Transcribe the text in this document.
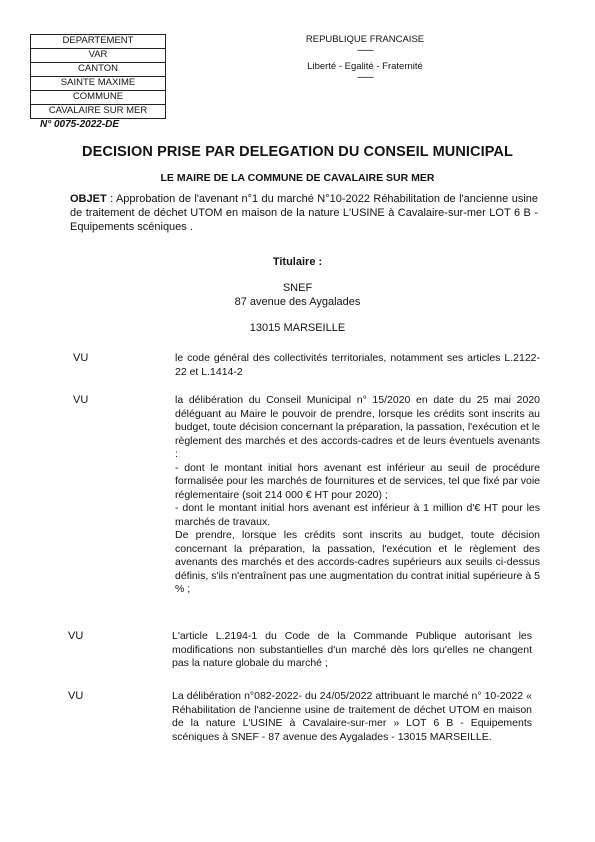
DEPARTEMENT
VAR
CANTON
SAINTE MAXIME
COMMUNE
CAVALAIRE SUR MER
REPUBLIQUE FRANCAISE
--------
Liberté - Egalité - Fraternité
--------
N° 0075-2022-DE
DECISION PRISE PAR DELEGATION DU CONSEIL MUNICIPAL
LE MAIRE DE LA COMMUNE DE CAVALAIRE SUR MER
OBJET : Approbation de l'avenant n°1 du marché N°10-2022 Réhabilitation de l'ancienne usine de traitement de déchet UTOM en maison de la nature L'USINE à Cavalaire-sur-mer LOT 6 B - Equipements scéniques .
Titulaire :
SNEF
87 avenue des Aygalades
13015 MARSEILLE
VU	le code général des collectivités territoriales, notamment ses articles L.2122-22 et L.1414-2

VU	la délibération du Conseil Municipal n° 15/2020 en date du 25 mai 2020 déléguant au Maire le pouvoir de prendre, lorsque les crédits sont inscrits au budget, toute décision concernant la préparation, la passation, l'exécution et le règlement des marchés et des accords-cadres et de leurs éventuels avenants :

- dont le montant initial hors avenant est inférieur au seuil de procédure formalisée pour les marchés de fournitures et de services, tel que fixé par voie réglementaire (soit 214 000 € HT pour 2020) ;

- dont le montant initial hors avenant est inférieur à 1 million d'€ HT pour les marchés de travaux.

De prendre, lorsque les crédits sont inscrits au budget, toute décision concernant la préparation, la passation, l'exécution et le règlement des avenants des marchés et des accords-cadres supérieurs aux seuils ci-dessus définis, s'ils n'entraînent pas une augmentation du contrat initial supérieure à 5 % ;

VU	L'article L.2194-1 du Code de la Commande Publique autorisant les modifications non substantielles d'un marché dès lors qu'elles ne changent pas la nature globale du marché ;

VU	La délibération n°082-2022- du 24/05/2022 attribuant le marché n° 10-2022 « Réhabilitation de l'ancienne usine de traitement de déchet UTOM en maison de la nature L'USINE à Cavalaire-sur-mer » LOT 6 B - Equipements scéniques à SNEF - 87 avenue des Aygalades - 13015 MARSEILLE.
